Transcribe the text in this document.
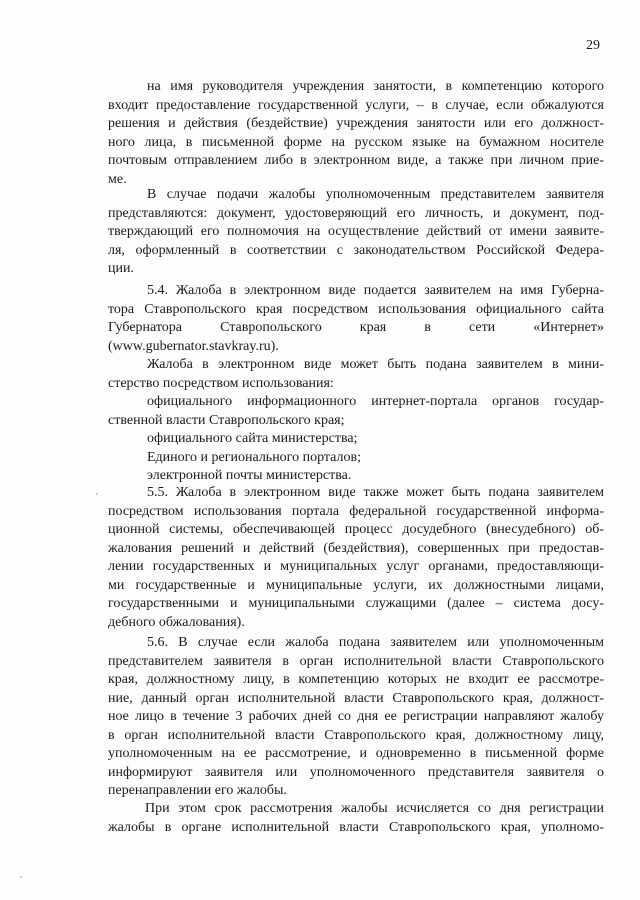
29
на имя руководителя учреждения занятости, в компетенцию которого
входит предоставление государственной услуги, – в случае, если обжалуются
решения и действия (бездействие) учреждения занятости или его должност-
ного лица, в письменной форме на русском языке на бумажном носителе
почтовым отправлением либо в электронном виде, а также при личном прие-
ме.
В случае подачи жалобы уполномоченным представителем заявителя
представляются: документ, удостоверяющий его личность, и документ, под-
тверждающий его полномочия на осуществление действий от имени заявите-
ля, оформленный в соответствии с законодательством Российской Федера-
ции.
5.4. Жалоба в электронном виде подается заявителем на имя Губерна-
тора Ставропольского края посредством использования официального сайта
Губернатора Ставропольского края в сети «Интернет»
(www.gubernator.stavkray.ru).
Жалоба в электронном виде может быть подана заявителем в мини-
стерство посредством использования:
официального информационного интернет-портала органов государ-
ственной власти Ставропольского края;
официального сайта министерства;
Единого и регионального порталов;
электронной почты министерства.
5.5. Жалоба в электронном виде также может быть подана заявителем
посредством использования портала федеральной государственной информа-
ционной системы, обеспечивающей процесс досудебного (внесудебного) об-
жалования решений и действий (бездействия), совершенных при предостав-
лении государственных и муниципальных услуг органами, предоставляющи-
ми государственные и муниципальные услуги, их должностными лицами,
государственными и муниципальными служащими (далее – система досу-
дебного обжалования).
5.6. В случае если жалоба подана заявителем или уполномоченным
представителем заявителя в орган исполнительной власти Ставропольского
края, должностному лицу, в компетенцию которых не входит ее рассмотре-
ние, данный орган исполнительной власти Ставропольского края, должност-
ное лицо в течение 3 рабочих дней со дня ее регистрации направляют жалобу
в орган исполнительной власти Ставропольского края, должностному лицу,
уполномоченным на ее рассмотрение, и одновременно в письменной форме
информируют заявителя или уполномоченного представителя заявителя о
перенаправлении его жалобы.
При этом срок рассмотрения жалобы исчисляется со дня регистрации
жалобы в органе исполнительной власти Ставропольского края, уполномо-
